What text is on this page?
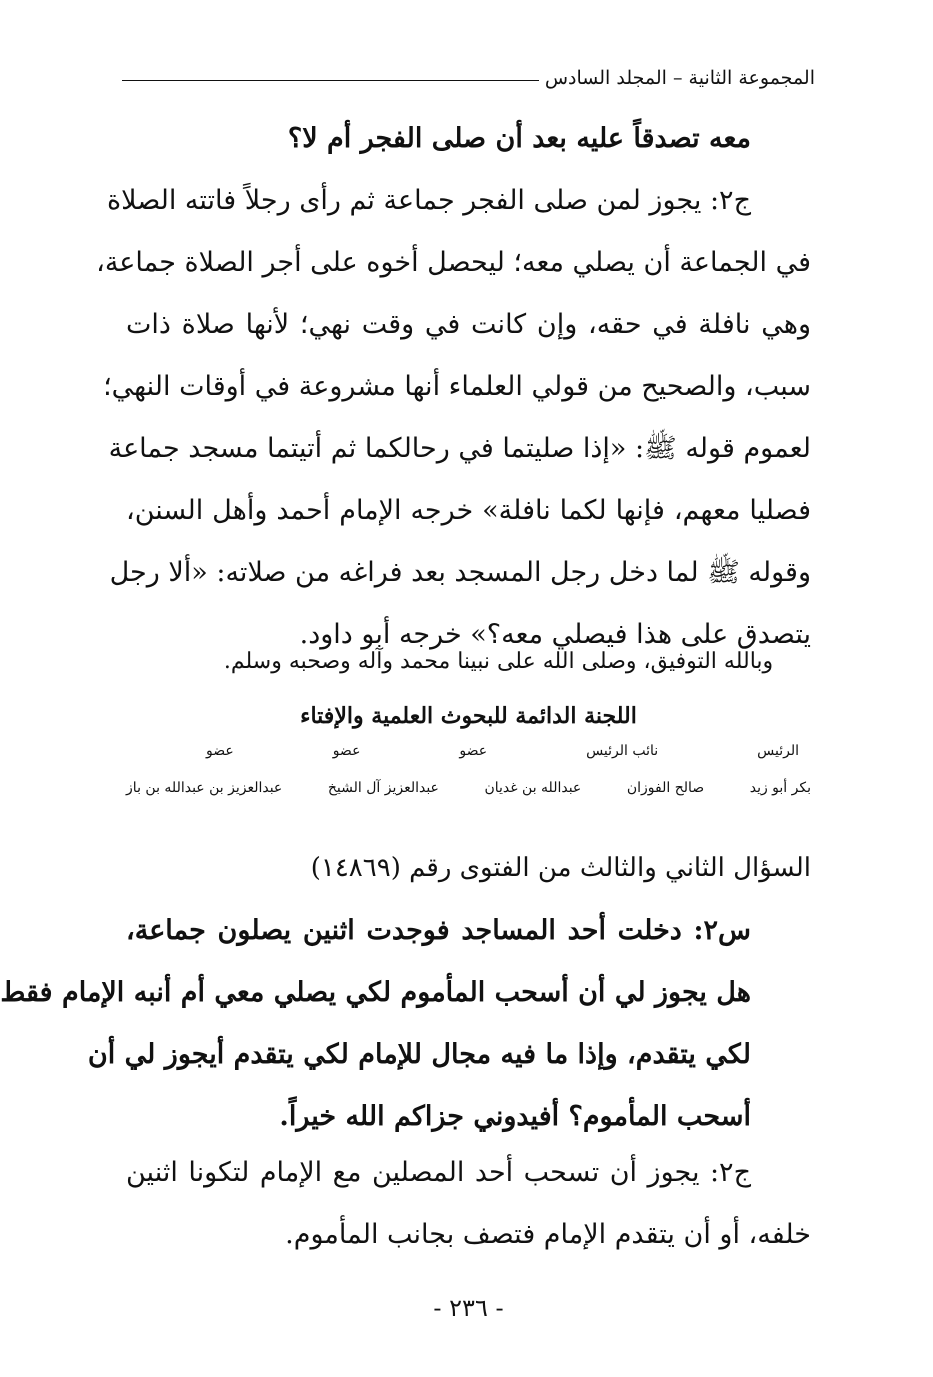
المجموعة الثانية – المجلد السادس
معه تصدقاً عليه بعد أن صلى الفجر أم لا؟
ج٢: يجوز لمن صلى الفجر جماعة ثم رأى رجلاً فاتته الصلاة
في الجماعة أن يصلي معه؛ ليحصل أخوه على أجر الصلاة جماعة،
وهي نافلة في حقه، وإن كانت في وقت نهي؛ لأنها صلاة ذات
سبب، والصحيح من قولي العلماء أنها مشروعة في أوقات النهي؛
لعموم قوله ﷺ: «إذا صليتما في رحالكما ثم أتيتما مسجد جماعة
فصليا معهم، فإنها لكما نافلة» خرجه الإمام أحمد وأهل السنن،
وقوله ﷺ لما دخل رجل المسجد بعد فراغه من صلاته: «ألا رجل
يتصدق على هذا فيصلي معه؟» خرجه أبو داود.
وبالله التوفيق، وصلى الله على نبينا محمد وآله وصحبه وسلم.
اللجنة الدائمة للبحوث العلمية والإفتاء
الرئيس
نائب الرئيس
عضو
عضو
عضو
بكر أبو زيد
صالح الفوزان
عبدالله بن غديان
عبدالعزيز آل الشيخ
عبدالعزيز بن عبدالله بن باز
السؤال الثاني والثالث من الفتوى رقم (١٤٨٦٩)
س٢: دخلت أحد المساجد فوجدت اثنين يصلون جماعة،
هل يجوز لي أن أسحب المأموم لكي يصلي معي أم أنبه الإمام فقط
لكي يتقدم، وإذا ما فيه مجال للإمام لكي يتقدم أيجوز لي أن
أسحب المأموم؟ أفيدوني جزاكم الله خيراً.
ج٢: يجوز أن تسحب أحد المصلين مع الإمام لتكونا اثنين
خلفه، أو أن يتقدم الإمام فتصف بجانب المأموم.
- ٢٣٦ -
